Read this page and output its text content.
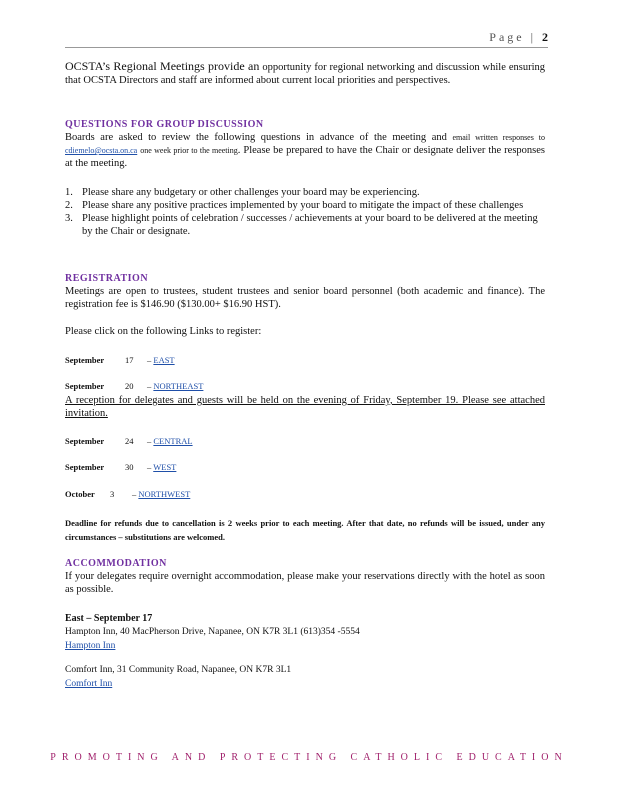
Page | 2
OCSTA’s Regional Meetings provide an opportunity for regional networking and discussion while ensuring that OCSTA Directors and staff are informed about current local priorities and perspectives.
QUESTIONS FOR GROUP DISCUSSION
Boards are asked to review the following questions in advance of the meeting and email written responses to cdiemelo@ocsta.on.ca one week prior to the meeting. Please be prepared to have the Chair or designate deliver the responses at the meeting.
1. Please share any budgetary or other challenges your board may be experiencing.
2. Please share any positive practices implemented by your board to mitigate the impact of these challenges
3. Please highlight points of celebration / successes / achievements at your board to be delivered at the meeting by the Chair or designate.
REGISTRATION
Meetings are open to trustees, student trustees and senior board personnel (both academic and finance). The registration fee is $146.90 ($130.00+ $16.90 HST).
Please click on the following Links to register:
September 17 – EAST
September 20 – NORTHEAST
A reception for delegates and guests will be held on the evening of Friday, September 19. Please see attached invitation.
September 24 – CENTRAL
September 30 – WEST
October 3 – NORTHWEST
Deadline for refunds due to cancellation is 2 weeks prior to each meeting. After that date, no refunds will be issued, under any circumstances – substitutions are welcomed.
ACCOMMODATION
If your delegates require overnight accommodation, please make your reservations directly with the hotel as soon as possible.
East – September 17
Hampton Inn, 40 MacPherson Drive, Napanee, ON K7R 3L1 (613)354 -5554
Hampton Inn
Comfort Inn, 31 Community Road, Napanee, ON K7R 3L1
Comfort Inn
PROMOTING AND PROTECTING CATHOLIC EDUCATION
